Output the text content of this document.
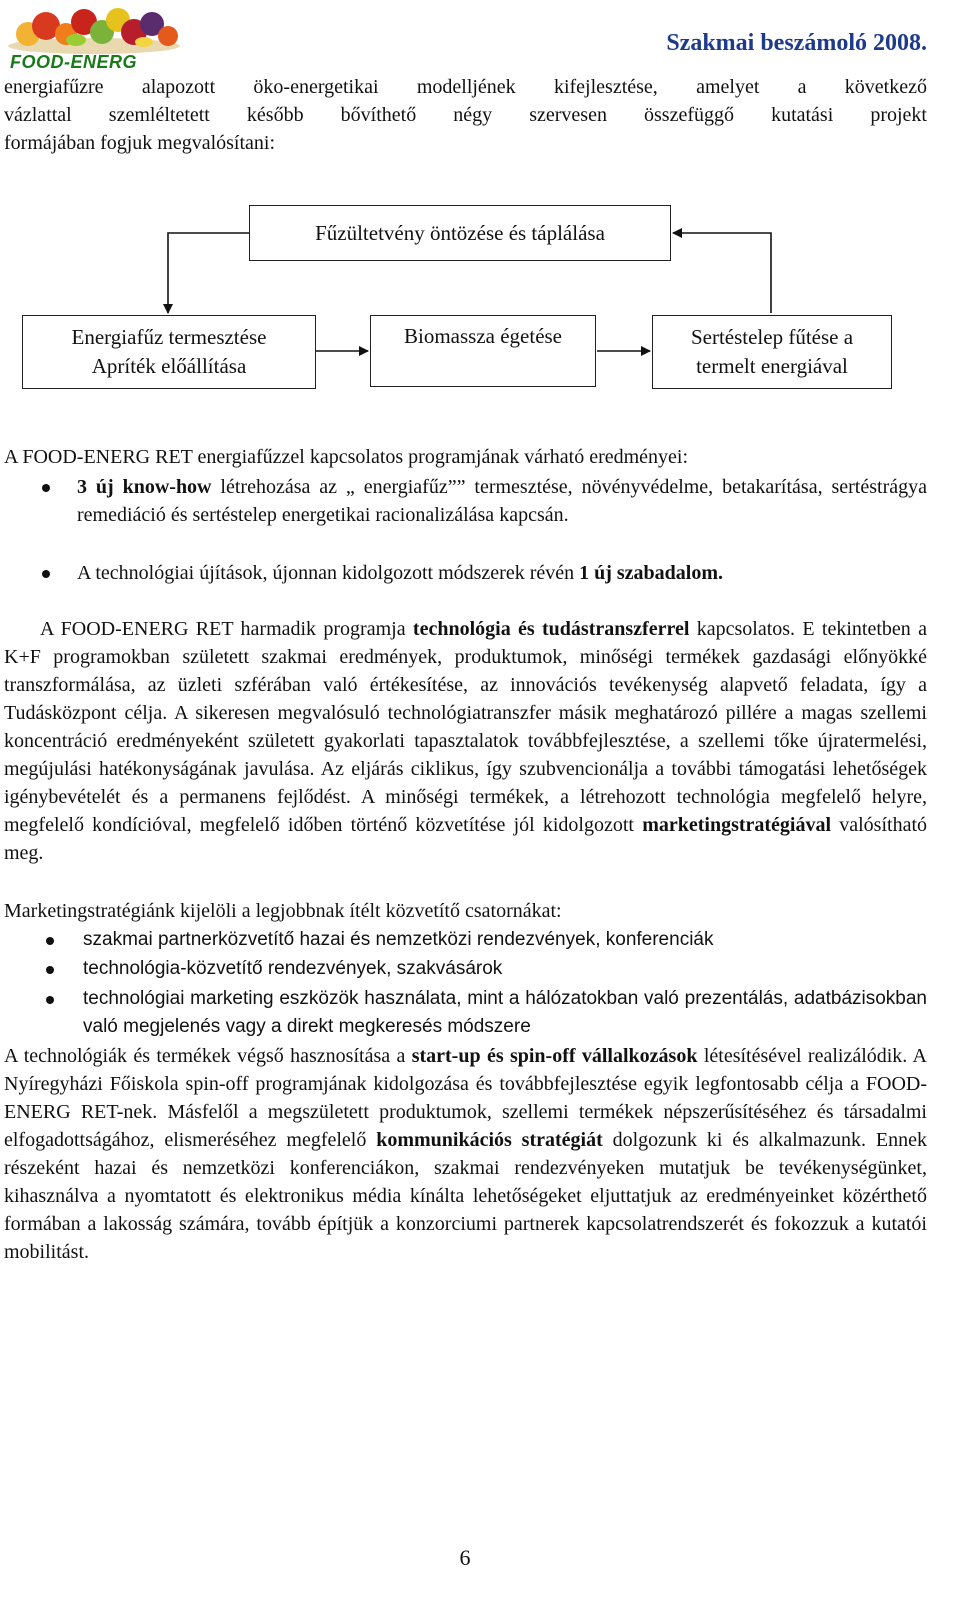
FOOD-ENERG
Szakmai beszámoló 2008.
energiafűzre alapozott öko-energetikai modelljének kifejlesztése, amelyet a következő
vázlattal szemléltetett később bővíthető négy szervesen összefüggő kutatási projekt
formájában fogjuk megvalósítani:
Fűzültetvény öntözése és táplálása
Energiafűz termesztése
Apríték előállítása
Biomassza égetése	Sertéstelep fűtése a
termelt energiával
A FOOD-ENERG RET energiafűzzel kapcsolatos programjának várható eredményei:
3 új know-how létrehozása az „ energiafűz”” termesztése, növényvédelme, betakarítása, sertéstrágya remediáció és sertéstelep energetikai racionalizálása kapcsán.
A technológiai újítások, újonnan kidolgozott módszerek révén 1 új szabadalom.
A FOOD-ENERG RET harmadik programja technológia és tudástranszferrel kapcsolatos. E tekintetben a K+F programokban született szakmai eredmények, produktumok, minőségi termékek gazdasági előnyökké transzformálása, az üzleti szférában való értékesítése, az innovációs tevékenység alapvető feladata, így a Tudásközpont célja. A sikeresen megvalósuló technológiatranszfer másik meghatározó pillére a magas szellemi koncentráció eredményeként született gyakorlati tapasztalatok továbbfejlesztése, a szellemi tőke újratermelési, megújulási hatékonyságának javulása. Az eljárás ciklikus, így szubvencionálja a további támogatási lehetőségek igénybevételét és a permanens fejlődést. A minőségi termékek, a létrehozott technológia megfelelő helyre, megfelelő kondícióval, megfelelő időben történő közvetítése jól kidolgozott marketingstratégiával valósítható meg.
Marketingstratégiánk kijelöli a legjobbnak ítélt közvetítő csatornákat:
szakmai partnerközvetítő hazai és nemzetközi rendezvények, konferenciák
technológia-közvetítő rendezvények, szakvásárok
technológiai marketing eszközök használata, mint a hálózatokban való prezentálás, adatbázisokban való megjelenés vagy a direkt megkeresés módszere
A technológiák és termékek végső hasznosítása a start-up és spin-off vállalkozások létesítésével realizálódik. A Nyíregyházi Főiskola spin-off programjának kidolgozása és továbbfejlesztése egyik legfontosabb célja a FOOD-ENERG RET-nek. Másfelől a megszületett produktumok, szellemi termékek népszerűsítéséhez és társadalmi elfogadottságához, elismeréséhez megfelelő kommunikációs stratégiát dolgozunk ki és alkalmazunk. Ennek részeként hazai és nemzetközi konferenciákon, szakmai rendezvényeken mutatjuk be tevékenységünket, kihasználva a nyomtatott és elektronikus média kínálta lehetőségeket eljuttatjuk az eredményeinket közérthető formában a lakosság számára, tovább építjük a konzorciumi partnerek kapcsolatrendszerét és fokozzuk a kutatói mobilitást.
6
